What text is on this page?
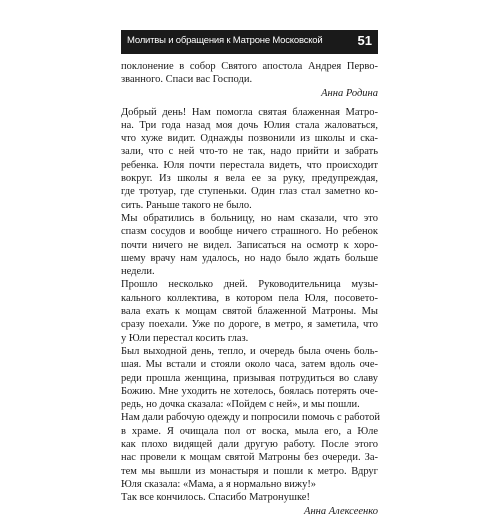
Молитвы и обращения к Матроне Московской	51
поклонение в собор Святого апостола Андрея Перво-
званного. Спаси вас Господи.
Анна Родина
Добрый день! Нам помогла святая блаженная Матро-
на. Три года назад моя дочь Юлия стала жаловаться,
что хуже видит. Однажды позвонили из школы и ска-
зали, что с ней что-то не так, надо прийти и забрать
ребенка. Юля почти перестала видеть, что происходит
вокруг. Из школы я вела ее за руку, предупреждая,
где тротуар, где ступеньки. Один глаз стал заметно ко-
сить. Раньше такого не было.
Мы обратились в больницу, но нам сказали, что это
спазм сосудов и вообще ничего страшного. Но ребенок
почти ничего не видел. Записаться на осмотр к хоро-
шему врачу нам удалось, но надо было ждать больше
недели.
Прошло несколько дней. Руководительница музы-
кального коллектива, в котором пела Юля, посовето-
вала ехать к мощам святой блаженной Матроны. Мы
сразу поехали. Уже по дороге, в метро, я заметила, что
у Юли перестал косить глаз.
Был выходной день, тепло, и очередь была очень боль-
шая. Мы встали и стояли около часа, затем вдоль оче-
реди прошла женщина, призывая потрудиться во славу
Божию. Мне уходить не хотелось, боялась потерять оче-
редь, но дочка сказала: «Пойдем с ней», и мы пошли.
Нам дали рабочую одежду и попросили помочь с работой
в храме. Я очищала пол от воска, мыла его, а Юле
как плохо видящей дали другую работу. После этого
нас провели к мощам святой Матроны без очереди. За-
тем мы вышли из монастыря и пошли к метро. Вдруг
Юля сказала: «Мама, а я нормально вижу!»
Так все кончилось. Спасибо Матронушке!
Анна Алексеенко
